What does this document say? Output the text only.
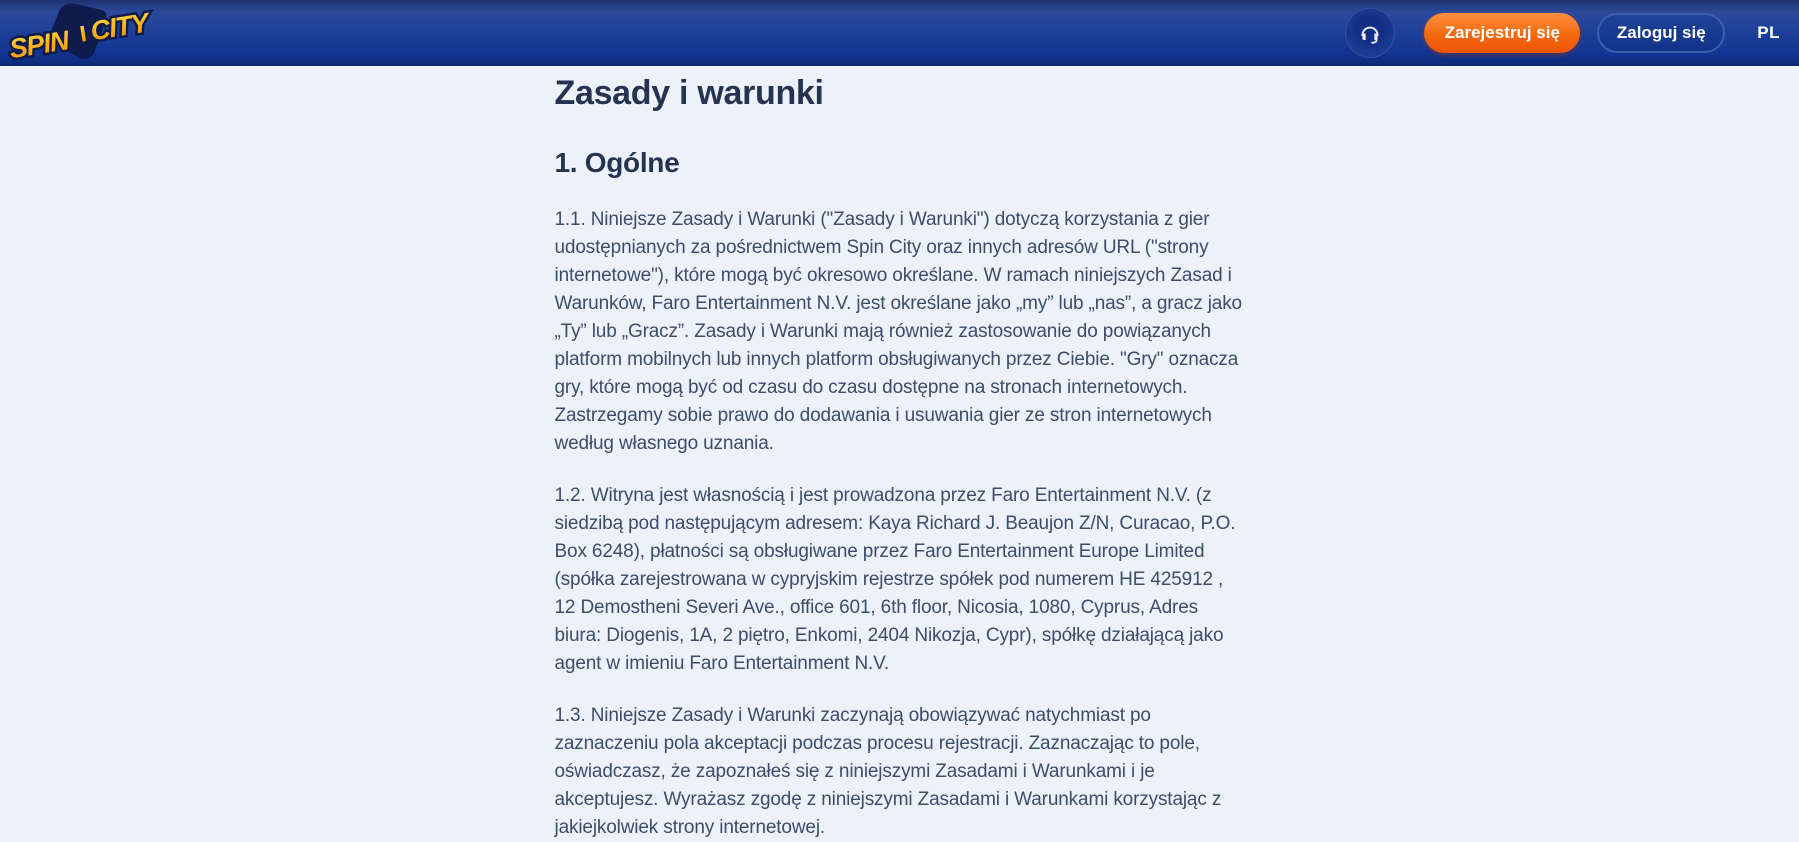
SPIN CITY	Zarejestruj się	Zaloguj się	PL
Zasady i warunki
1. Ogólne

1.1. Niniejsze Zasady i Warunki ("Zasady i Warunki") dotyczą korzystania z gier udostępnianych za pośrednictwem Spin City oraz innych adresów URL ("strony internetowe"), które mogą być okresowo określane. W ramach niniejszych Zasad i Warunków, Faro Entertainment N.V. jest określane jako „my” lub „nas”, a gracz jako „Ty” lub „Gracz”. Zasady i Warunki mają również zastosowanie do powiązanych platform mobilnych lub innych platform obsługiwanych przez Ciebie. "Gry" oznacza gry, które mogą być od czasu do czasu dostępne na stronach internetowych. Zastrzegamy sobie prawo do dodawania i usuwania gier ze stron internetowych według własnego uznania.

1.2. Witryna jest własnością i jest prowadzona przez Faro Entertainment N.V. (z siedzibą pod następującym adresem: Kaya Richard J. Beaujon Z/N, Curacao, P.O. Box 6248), płatności są obsługiwane przez Faro Entertainment Europe Limited (spółka zarejestrowana w cypryjskim rejestrze spółek pod numerem HE 425912 , 12 Demostheni Severi Ave., office 601, 6th floor, Nicosia, 1080, Cyprus, Adres biura: Diogenis, 1A, 2 piętro, Enkomi, 2404 Nikozja, Cypr), spółkę działającą jako agent w imieniu Faro Entertainment N.V.

1.3. Niniejsze Zasady i Warunki zaczynają obowiązywać natychmiast po zaznaczeniu pola akceptacji podczas procesu rejestracji. Zaznaczając to pole, oświadczasz, że zapoznałeś się z niniejszymi Zasadami i Warunkami i je akceptujesz. Wyrażasz zgodę z niniejszymi Zasadami i Warunkami korzystając z jakiejkolwiek strony internetowej.
